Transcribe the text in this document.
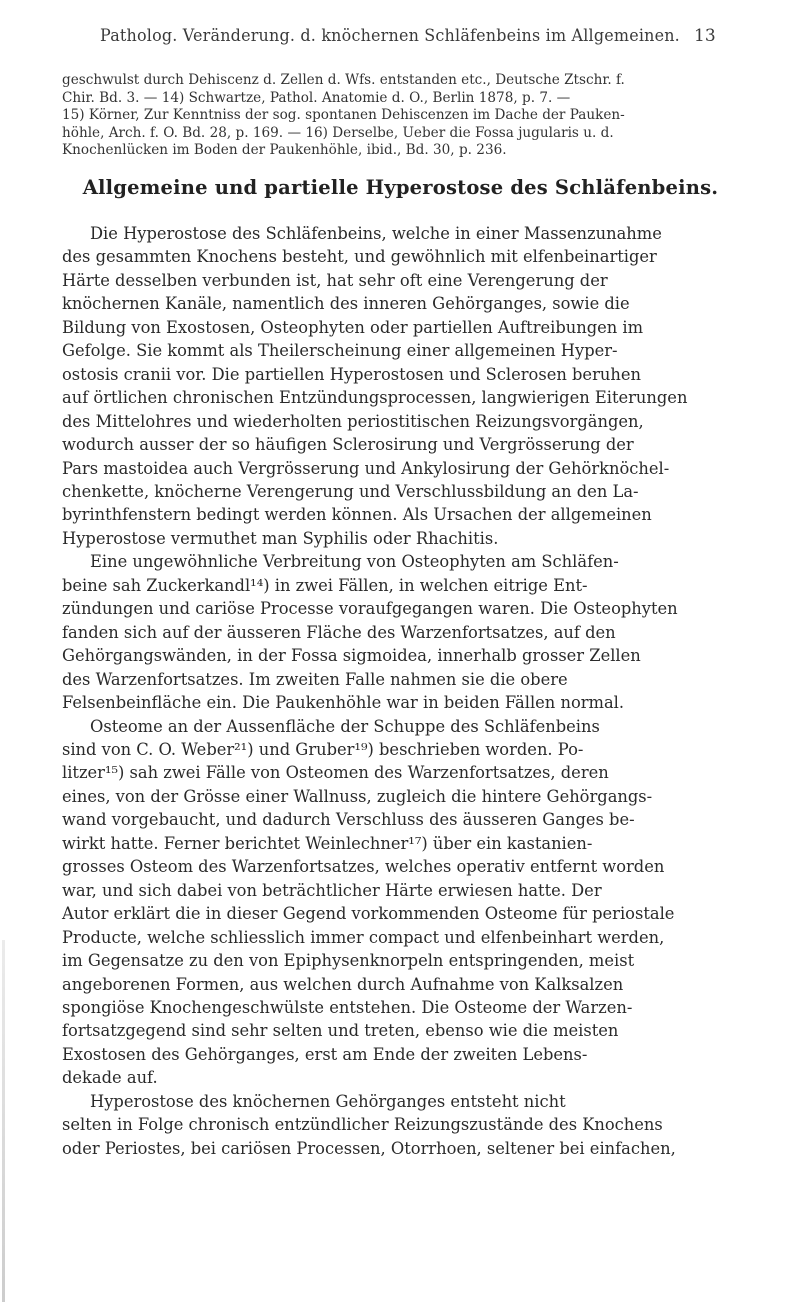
Patholog. Veränderung. d. knöchernen Schläfenbeins im Allgemeinen. 13
geschwulst durch Dehiscenz d. Zellen d. Wfs. entstanden etc., Deutsche Ztschr. f.
Chir. Bd. 3. — 14) Schwartze, Pathol. Anatomie d. O., Berlin 1878, p. 7. —
15) Körner, Zur Kenntniss der sog. spontanen Dehiscenzen im Dache der Pauken-
höhle, Arch. f. O. Bd. 28, p. 169. — 16) Derselbe, Ueber die Fossa jugularis u. d.
Knochenlücken im Boden der Paukenhöhle, ibid., Bd. 30, p. 236.
Allgemeine und partielle Hyperostose des Schläfenbeins.
Die Hyperostose des Schläfenbeins, welche in einer Massenzunahme
des gesammten Knochens besteht, und gewöhnlich mit elfenbeinartiger
Härte desselben verbunden ist, hat sehr oft eine Verengerung der
knöchernen Kanäle, namentlich des inneren Gehörganges, sowie die
Bildung von Exostosen, Osteophyten oder partiellen Auftreibungen im
Gefolge. Sie kommt als Theilerscheinung einer allgemeinen Hyper-
ostosis cranii vor. Die partiellen Hyperostosen und Sclerosen beruhen
auf örtlichen chronischen Entzündungsprocessen, langwierigen Eiterungen
des Mittelohres und wiederholten periostitischen Reizungsvorgängen,
wodurch ausser der so häufigen Sclerosirung und Vergrösserung der
Pars mastoidea auch Vergrösserung und Ankylosirung der Gehörknöchel-
chenkette, knöcherne Verengerung und Verschlussbildung an den La-
byrinthfenstern bedingt werden können. Als Ursachen der allgemeinen
Hyperostose vermuthet man Syphilis oder Rhachitis.
Eine ungewöhnliche Verbreitung von Osteophyten am Schläfen-
beine sah Zuckerkandl¹⁴) in zwei Fällen, in welchen eitrige Ent-
zündungen und cariöse Processe voraufgegangen waren. Die Osteophyten
fanden sich auf der äusseren Fläche des Warzenfortsatzes, auf den
Gehörgangswänden, in der Fossa sigmoidea, innerhalb grosser Zellen
des Warzenfortsatzes. Im zweiten Falle nahmen sie die obere
Felsenbeinfläche ein. Die Paukenhöhle war in beiden Fällen normal.
Osteome an der Aussenfläche der Schuppe des Schläfenbeins
sind von C. O. Weber²¹) und Gruber¹⁹) beschrieben worden. Po-
litzer¹⁵) sah zwei Fälle von Osteomen des Warzenfortsatzes, deren
eines, von der Grösse einer Wallnuss, zugleich die hintere Gehörgangs-
wand vorgebaucht, und dadurch Verschluss des äusseren Ganges be-
wirkt hatte. Ferner berichtet Weinlechner¹⁷) über ein kastanien-
grosses Osteom des Warzenfortsatzes, welches operativ entfernt worden
war, und sich dabei von beträchtlicher Härte erwiesen hatte. Der
Autor erklärt die in dieser Gegend vorkommenden Osteome für periostale
Producte, welche schliesslich immer compact und elfenbeinhart werden,
im Gegensatze zu den von Epiphysenknorpeln entspringenden, meist
angeborenen Formen, aus welchen durch Aufnahme von Kalksalzen
spongiöse Knochengeschwülste entstehen. Die Osteome der Warzen-
fortsatzgegend sind sehr selten und treten, ebenso wie die meisten
Exostosen des Gehörganges, erst am Ende der zweiten Lebens-
dekade auf.
Hyperostose des knöchernen Gehörganges entsteht nicht
selten in Folge chronisch entzündlicher Reizungszustände des Knochens
oder Periostes, bei cariösen Processen, Otorrhoen, seltener bei einfachen,
